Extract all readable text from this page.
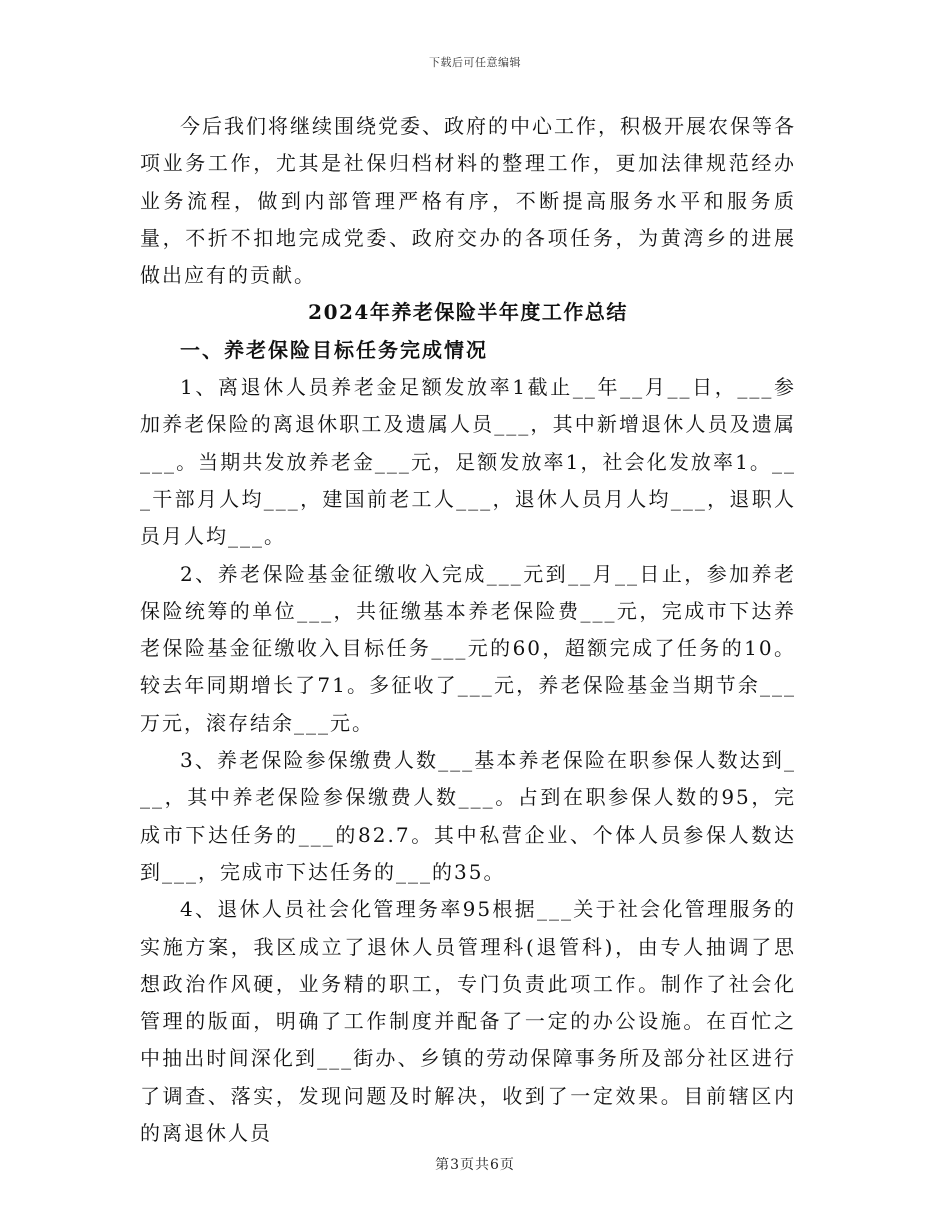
下载后可任意编辑

今后我们将继续围绕党委、政府的中心工作，积极开展农保等各项业务工作，尤其是社保归档材料的整理工作，更加法律规范经办业务流程，做到内部管理严格有序，不断提高服务水平和服务质量，不折不扣地完成党委、政府交办的各项任务，为黄湾乡的进展做出应有的贡献。

2024年养老保险半年度工作总结

一、养老保险目标任务完成情况

1、离退休人员养老金足额发放率1截止__年__月__日，___参加养老保险的离退休职工及遗属人员___，其中新增退休人员及遗属___。当期共发放养老金___元，足额发放率1，社会化发放率1。___干部月人均___，建国前老工人___，退休人员月人均___，退职人员月人均___。

2、养老保险基金征缴收入完成___元到__月__日止，参加养老保险统筹的单位___，共征缴基本养老保险费___元，完成市下达养老保险基金征缴收入目标任务___元的60，超额完成了任务的10。较去年同期增长了71。多征收了___元，养老保险基金当期节余___万元，滚存结余___元。

3、养老保险参保缴费人数___基本养老保险在职参保人数达到___，其中养老保险参保缴费人数___。占到在职参保人数的95，完成市下达任务的___的82.7。其中私营企业、个体人员参保人数达到___，完成市下达任务的___的35。

4、退休人员社会化管理务率95根据___关于社会化管理服务的实施方案，我区成立了退休人员管理科(退管科)，由专人抽调了思想政治作风硬，业务精的职工，专门负责此项工作。制作了社会化管理的版面，明确了工作制度并配备了一定的办公设施。在百忙之中抽出时间深化到___街办、乡镇的劳动保障事务所及部分社区进行了调查、落实，发现问题及时解决，收到了一定效果。目前辖区内的离退休人员

第3页共6页
